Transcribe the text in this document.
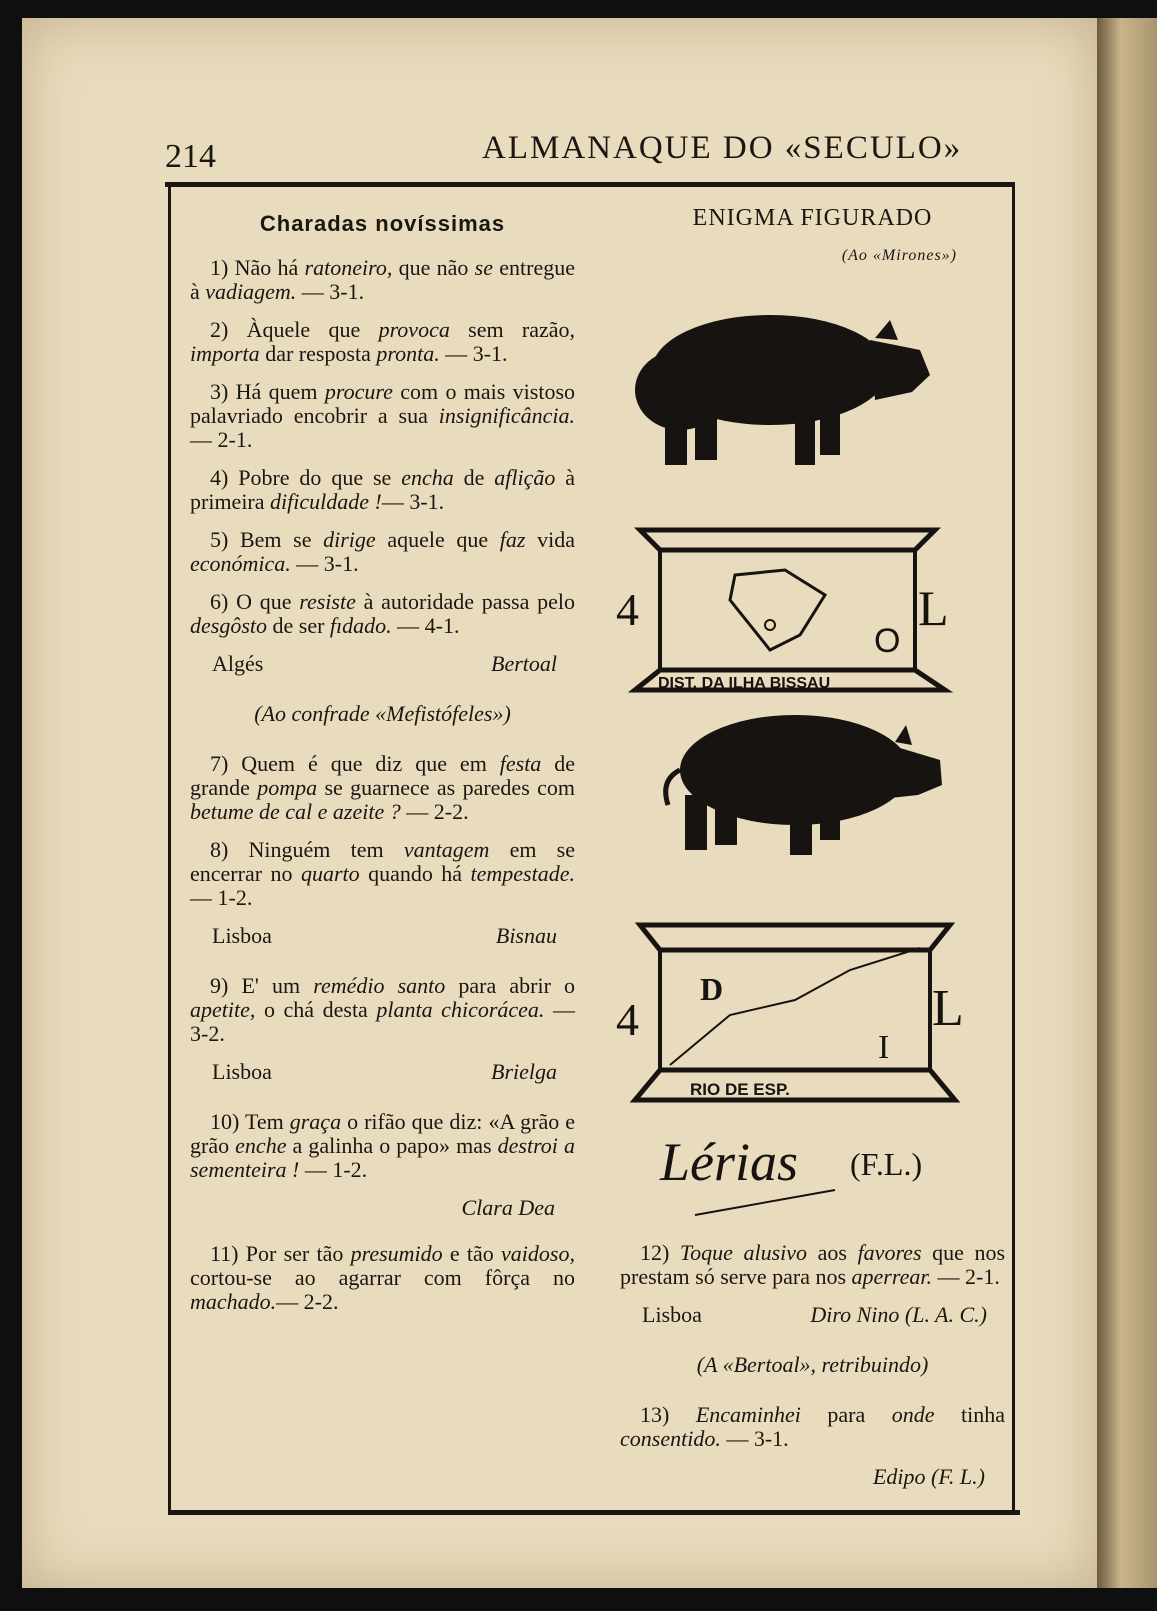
214	ALMANAQUE DO «SECULO»
Charadas novíssimas

1) Não há ratoneiro, que não se entregue à vadiagem. — 3-1.

2) Àquele que provoca sem razão, importa dar resposta pronta. — 3-1.

3) Há quem procure com o mais vistoso palavriado encobrir a sua insignificância. — 2-1.

4) Pobre do que se encha de aflição à primeira dificuldade !— 3-1.

5) Bem se dirige aquele que faz vida económica. — 3-1.

6) O que resiste à autoridade passa pelo desgôsto de ser fıdado. — 4-1.

Algés	Bertoal
(Ao confrade «Mefistófeles»)

7) Quem é que diz que em festa de grande pompa se guarnece as paredes com betume de cal e azeite ? — 2-2.

8) Ninguém tem vantagem em se encerrar no quarto quando há tempestade. — 1-2.

Lisboa	Bisnau

9) E' um remédio santo para abrir o apetite, o chá desta planta chicorácea. — 3-2.

Lisboa	Brielga

10) Tem graça o rifão que diz: «A grão e grão enche a galinha o papo» mas destroi a sementeira ! — 1-2.

Clara Dea

11) Por ser tão presumido e tão vaidoso, cortou-se ao agarrar com fôrça no machado.— 2-2.

ENIGMA FIGURADO
(Ao «Mirones»)
4
O
L
DIST. DA ILHA BISSAU
4
D
I
L
RIO DE ESP.
Lérias (F.L.)

12) Toque alusivo aos favores que nos prestam só serve para nos aperrear. — 2-1.

Lisboa	Diro Nino (L. A. C.)
(A «Bertoal», retribuindo)

13) Encaminhei para onde tinha consentido. — 3-1.

Edipo (F. L.)
